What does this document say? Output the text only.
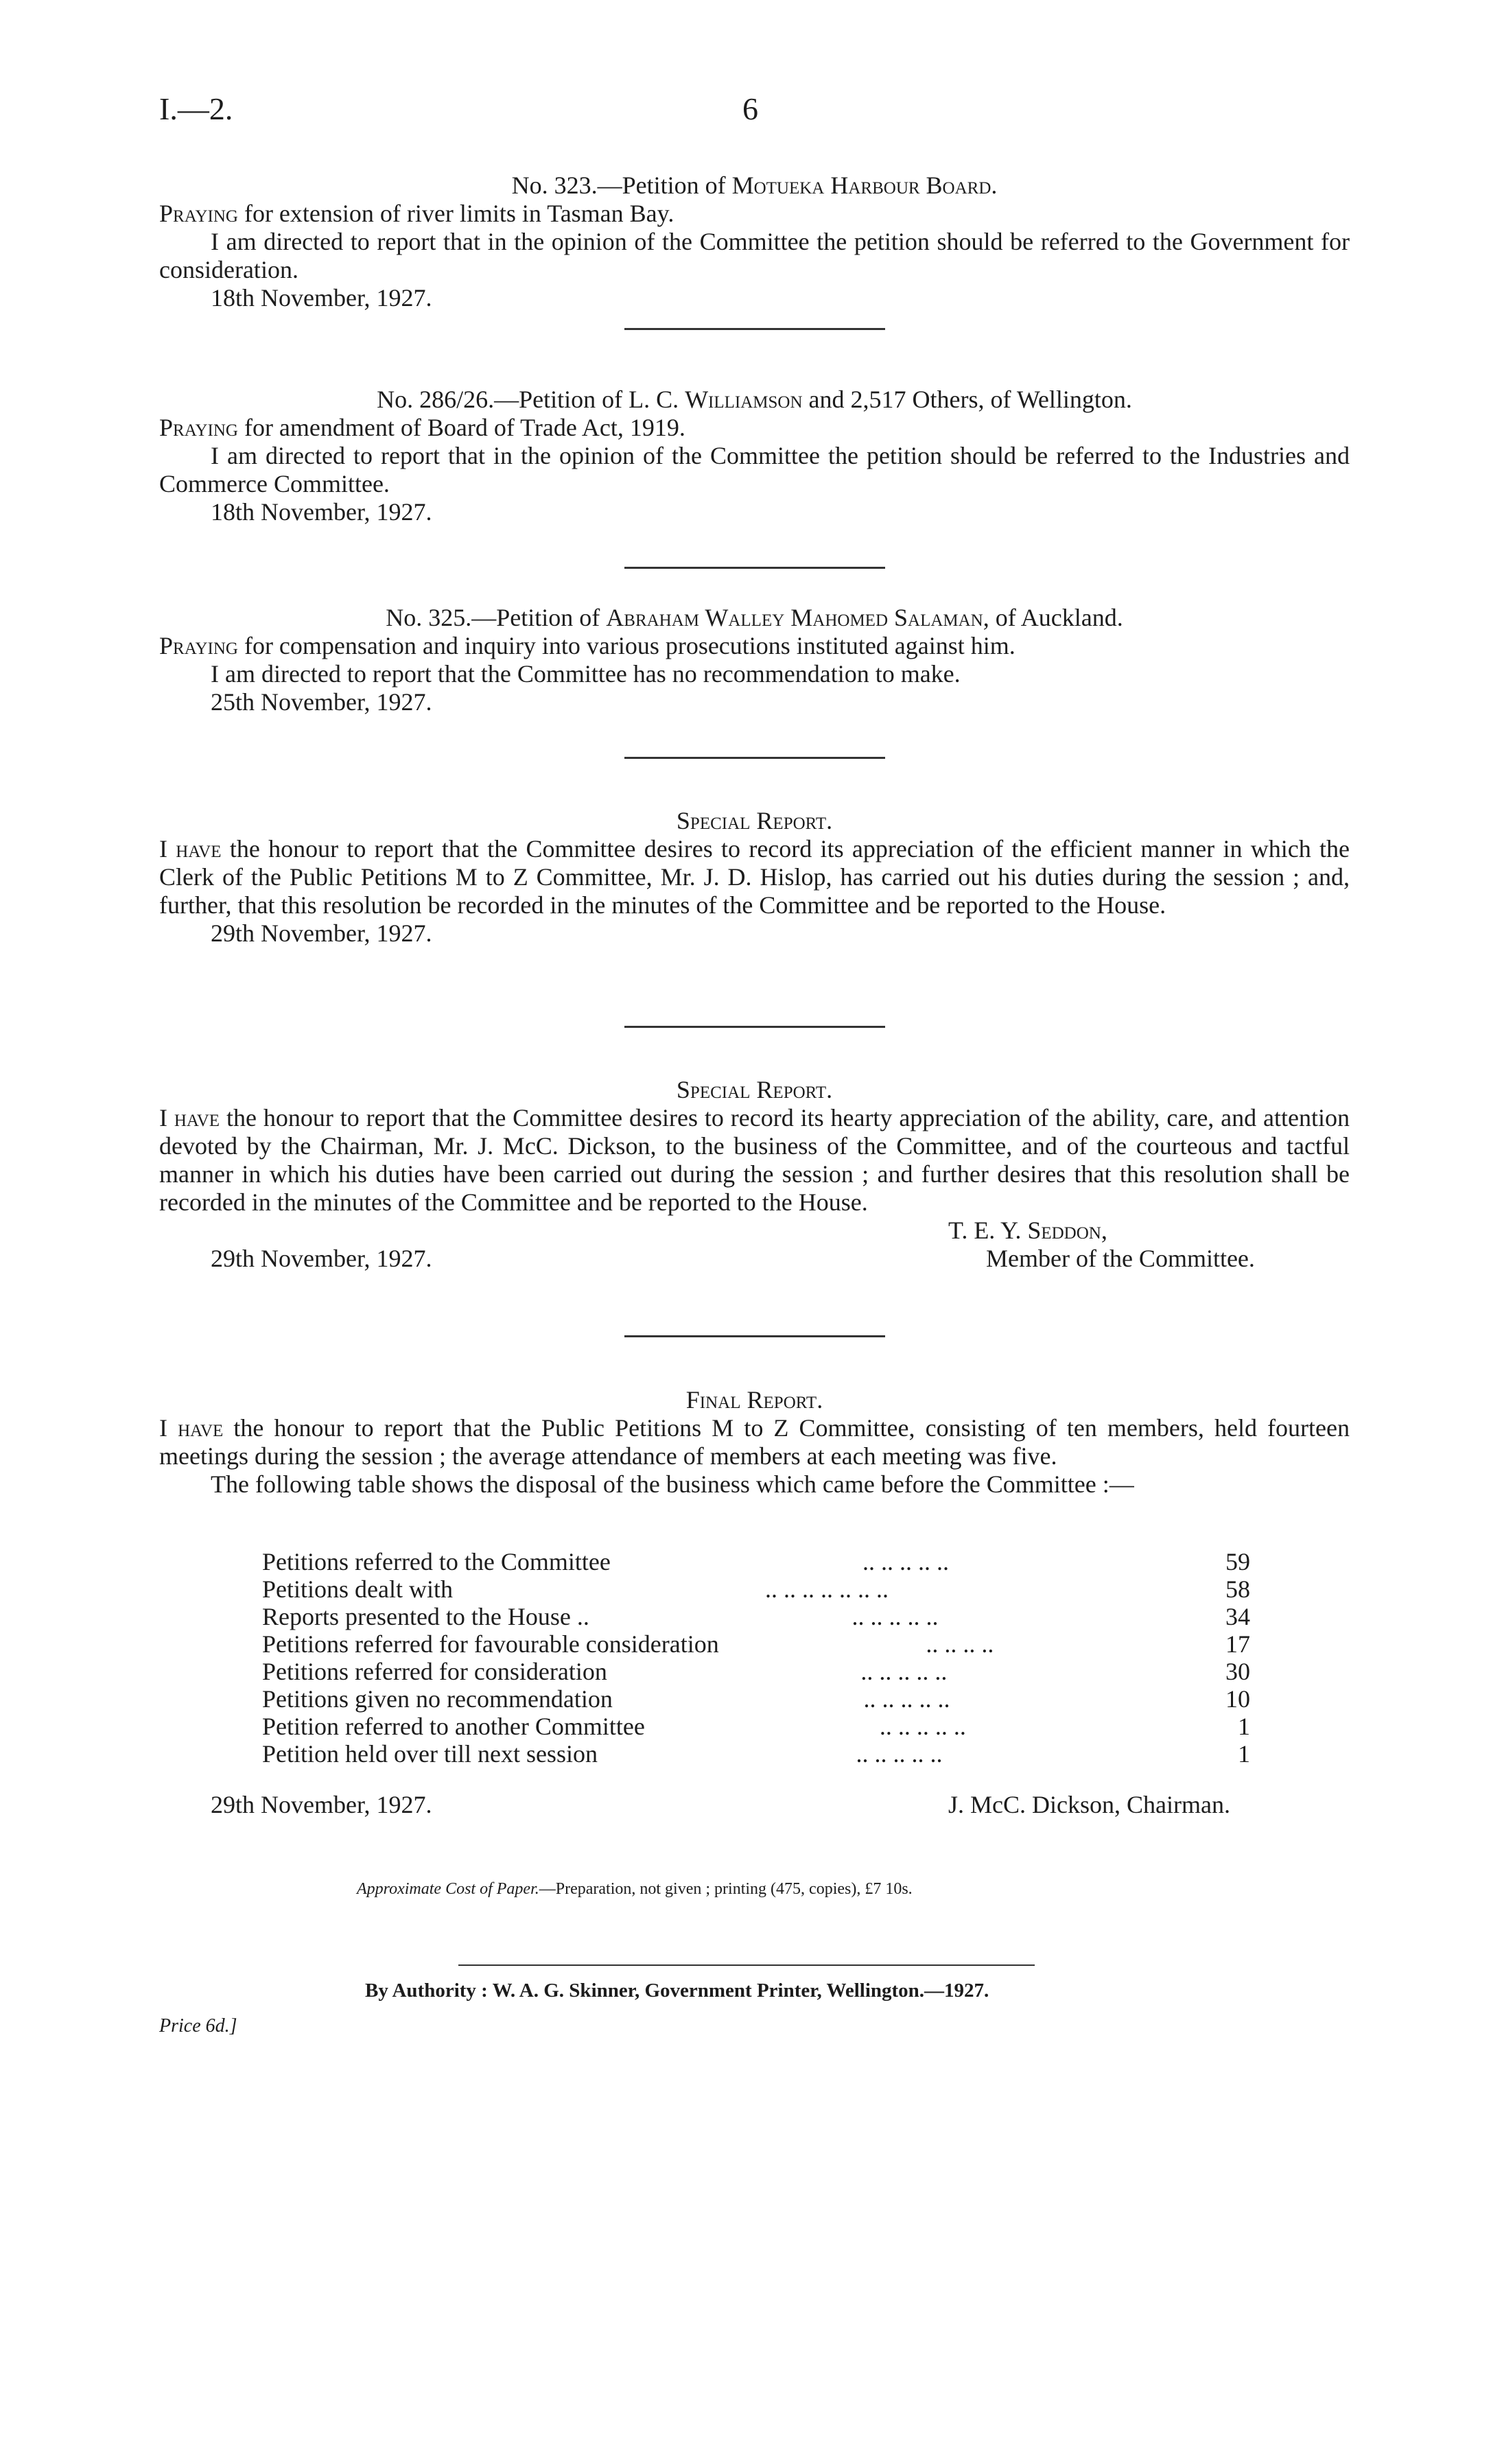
I.—2.	6
No. 323.—Petition of Motueka Harbour Board.

Praying for extension of river limits in Tasman Bay.

I am directed to report that in the opinion of the Committee the petition should be referred to the Government for consideration.

18th November, 1927.
No. 286/26.—Petition of L. C. Williamson and 2,517 Others, of Wellington.

Praying for amendment of Board of Trade Act, 1919.

I am directed to report that in the opinion of the Committee the petition should be referred to the Industries and Commerce Committee.

18th November, 1927.
No. 325.—Petition of Abraham Walley Mahomed Salaman, of Auckland.

Praying for compensation and inquiry into various prosecutions instituted against him.

I am directed to report that the Committee has no recommendation to make.

25th November, 1927.
Special Report.

I have the honour to report that the Committee desires to record its appreciation of the efficient manner in which the Clerk of the Public Petitions M to Z Committee, Mr. J. D. Hislop, has carried out his duties during the session ; and, further, that this resolution be recorded in the minutes of the Committee and be reported to the House.

29th November, 1927.
Special Report.

I have the honour to report that the Committee desires to record its hearty appreciation of the ability, care, and attention devoted by the Chairman, Mr. J. McC. Dickson, to the business of the Committee, and of the courteous and tactful manner in which his duties have been carried out during the session ; and further desires that this resolution shall be recorded in the minutes of the Committee and be reported to the House.

T. E. Y. Seddon,
29th November, 1927.	Member of the Committee.
Final Report.

I have the honour to report that the Public Petitions M to Z Committee, consisting of ten members, held fourteen meetings during the session ; the average attendance of members at each meeting was five.

The following table shows the disposal of the business which came before the Committee :—

Petitions referred to the Committee	.. .. .. .. ..	59
Petitions dealt with	.. .. .. .. .. .. ..	58
Reports presented to the House ..	.. .. .. .. ..	34
Petitions referred for favourable consideration	.. .. .. ..	17
Petitions referred for consideration	.. .. .. .. ..	30
Petitions given no recommendation	.. .. .. .. ..	10
Petition referred to another Committee	.. .. .. .. ..	1
Petition held over till next session	.. .. .. .. ..	1
29th November, 1927.	J. McC. Dickson, Chairman.
Approximate Cost of Paper.—Preparation, not given ; printing (475, copies), £7 10s.
By Authority : W. A. G. Skinner, Government Printer, Wellington.—1927.
Price 6d.]
